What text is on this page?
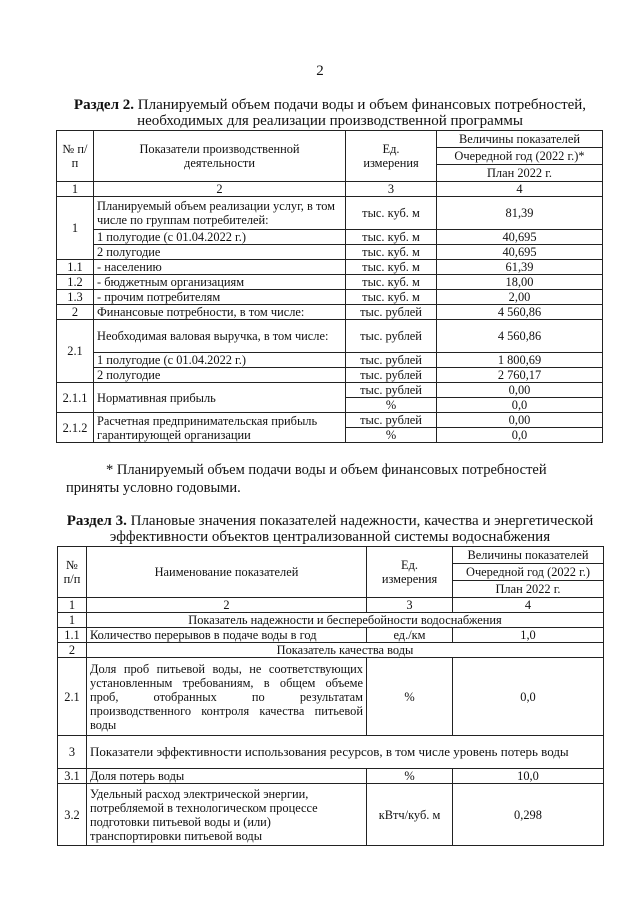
2
Раздел 2. Планируемый объем подачи воды и объем финансовых потребностей,
необходимых для реализации производственной программы
№ п/п	Показатели производственной деятельности	Ед. измерения	Величины показателей
			Очередной год (2022 г.)*
			План 2022 г.
1	2	3	4
1	Планируемый объем реализации услуг, в том числе по группам потребителей:	тыс. куб. м	81,39
	1 полугодие (с 01.04.2022 г.)	тыс. куб. м	40,695
	2 полугодие	тыс. куб. м	40,695
1.1	- населению	тыс. куб. м	61,39
1.2	- бюджетным организациям	тыс. куб. м	18,00
1.3	- прочим потребителям	тыс. куб. м	2,00
2	Финансовые потребности, в том числе:	тыс. рублей	4 560,86
2.1	Необходимая валовая выручка, в том числе:	тыс. рублей	4 560,86
	1 полугодие (с 01.04.2022 г.)	тыс. рублей	1 800,69
	2 полугодие	тыс. рублей	2 760,17
2.1.1	Нормативная прибыль	тыс. рублей	0,00
		%	0,0
2.1.2	Расчетная предпринимательская прибыль гарантирующей организации	тыс. рублей	0,00
		%	0,0
* Планируемый объем подачи воды и объем финансовых потребностей
приняты условно годовыми.
Раздел 3. Плановые значения показателей надежности, качества и энергетической
эффективности объектов централизованной системы водоснабжения
№ п/п	Наименование показателей	Ед. измерения	Величины показателей
			Очередной год (2022 г.)
			План 2022 г.
1	2	3	4
1	Показатель надежности и бесперебойности водоснабжения		
1.1	Количество перерывов в подаче воды в год	ед./км	1,0
2	Показатель качества воды		
2.1	Доля проб питьевой воды, не соответствующих установленным требованиям, в общем объеме проб, отобранных по результатам производственного контроля качества питьевой воды	%	0,0
3	Показатели эффективности использования ресурсов, в том числе уровень потерь воды		
3.1	Доля потерь воды	%	10,0
3.2	Удельный расход электрической энергии, потребляемой в технологическом процессе подготовки питьевой воды и (или) транспортировки питьевой воды	кВтч/куб. м	0,298
